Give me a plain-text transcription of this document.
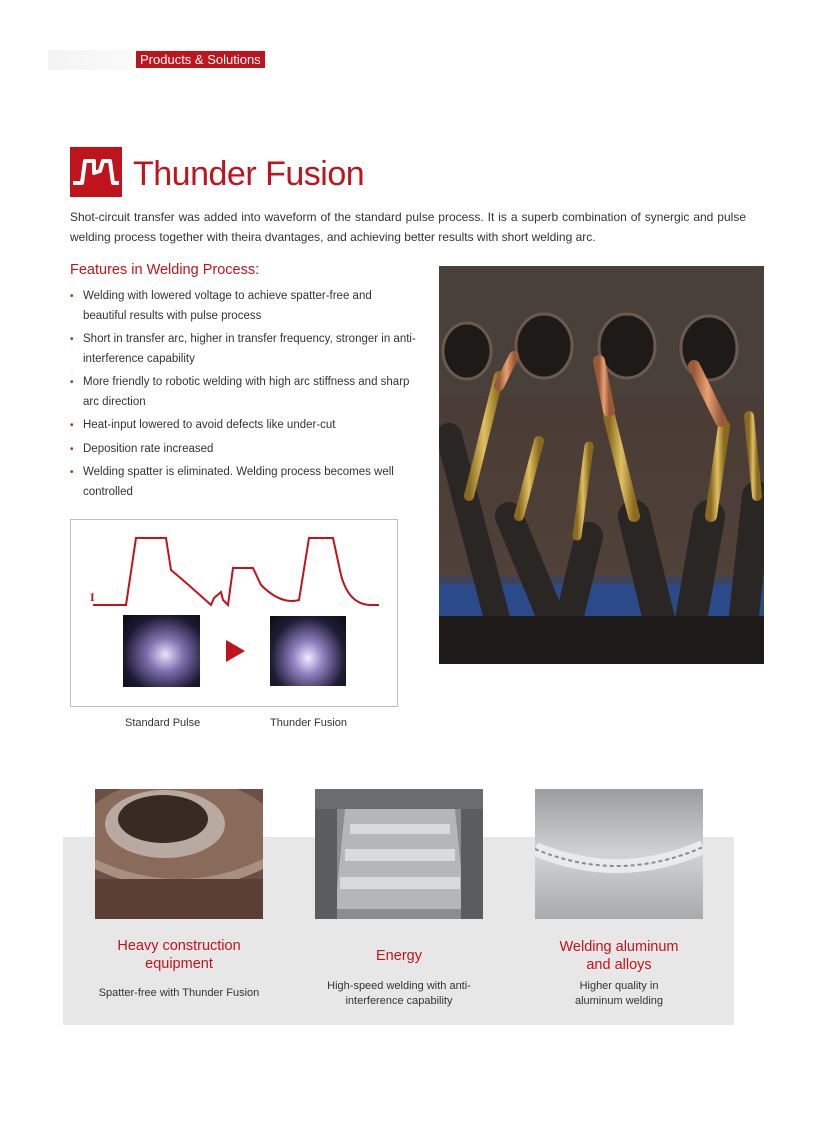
Products & Solutions
Thunder Fusion
Shot-circuit transfer was added into waveform of the standard pulse process. It is a superb combination of synergic and pulse welding process together with theira dvantages, and achieving better results with short welding arc.
Features in Welding Process:
• Welding with lowered voltage to achieve spatter-free and beautiful results with pulse process
• Short in transfer arc, higher in transfer frequency, stronger in anti-interference capability
• More friendly to robotic welding with high arc stiffness and sharp arc direction
• Heat-input lowered to avoid defects like under-cut
• Deposition rate increased
• Welding spatter is eliminated. Welding process becomes well controlled
I
Standard Pulse	Thunder Fusion
Heavy construction
equipment
Spatter-free with Thunder Fusion
Energy
High-speed welding with anti-
interference capability
Welding aluminum
and alloys
Higher quality in
aluminum welding
